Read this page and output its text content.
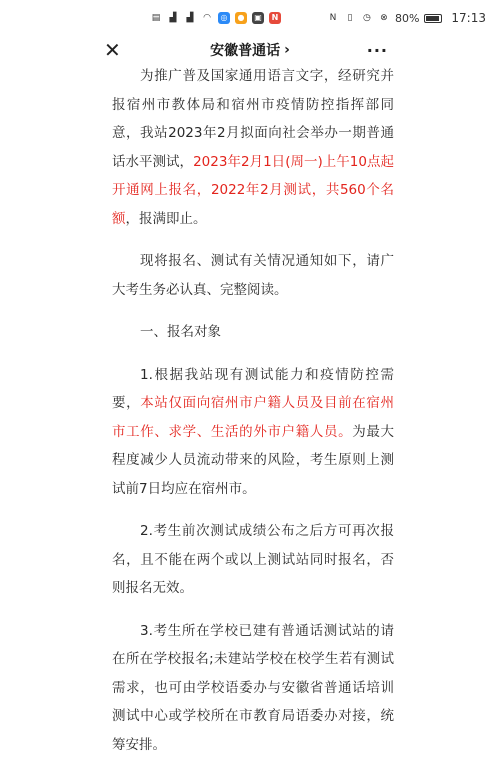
▤ ▟ ▟ ◠	◎	●	▣	N	N	▯	◷ ⊗ 80%	17:13
✕	安徽普通话 ›	···

为推广普及国家通用语言文字，经研究并报宿州市教体局和宿州市疫情防控指挥部同意，我站2023年2月拟面向社会举办一期普通话水平测试，2023年2月1日(周一)上午10点起开通网上报名，2022年2月测试，共560个名额，报满即止。

现将报名、测试有关情况通知如下，请广大考生务必认真、完整阅读。

一、报名对象

1.根据我站现有测试能力和疫情防控需要，本站仅面向宿州市户籍人员及目前在宿州市工作、求学、生活的外市户籍人员。为最大程度减少人员流动带来的风险，考生原则上测试前7日均应在宿州市。

2.考生前次测试成绩公布之后方可再次报名，且不能在两个或以上测试站同时报名，否则报名无效。

3.考生所在学校已建有普通话测试站的请在所在学校报名;未建站学校在校学生若有测试需求，也可由学校语委办与安徽省普通话培训测试中心或学校所在市教育局语委办对接，统筹安排。
